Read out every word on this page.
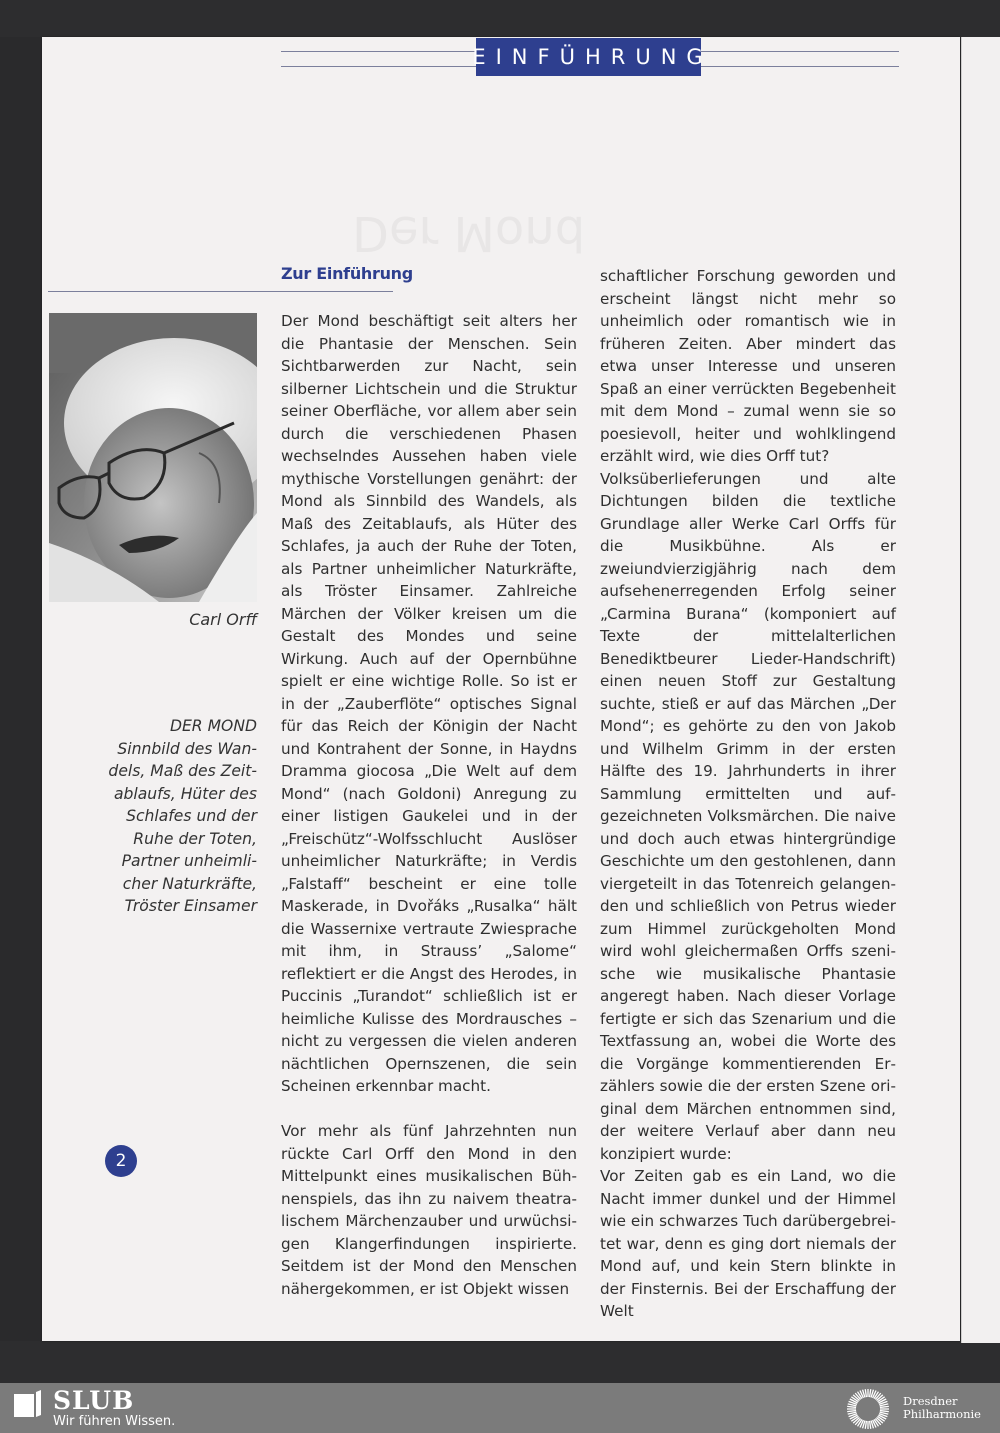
EINFÜHRUNG
Der Mond
Zur Einführung
Carl Orff
DER MOND
Sinnbild des Wan-
dels, Maß des Zeit-
ablaufs, Hüter des
Schlafes und der
Ruhe der Toten,
Partner unheimli-
cher Naturkräfte,
Tröster Einsamer

Der Mond beschäftigt seit alters her die Phantasie der Menschen. Sein Sichtbarwerden zur Nacht, sein silberner Lichtschein und die Struktur seiner Oberfläche, vor allem aber sein durch die verschiedenen Phasen wechselndes Aussehen haben viele mythische Vorstellungen genährt: der Mond als Sinnbild des Wandels, als Maß des Zeitablaufs, als Hüter des Schlafes, ja auch der Ruhe der Toten, als Partner unheimlicher Naturkräfte, als Tröster Einsamer. Zahlreiche Märchen der Völker kreisen um die Gestalt des Mondes und seine Wirkung. Auch auf der Opernbühne spielt er eine wichtige Rolle. So ist er in der „Zauberflöte“ optisches Signal für das Reich der Königin der Nacht und Kontrahent der Sonne, in Haydns Dramma giocosa „Die Welt auf dem Mond“ (nach Goldoni) Anregung zu einer listigen Gaukelei und in der „Freischütz“-Wolfsschlucht Auslöser unheimlicher Naturkräfte; in Verdis „Falstaff“ bescheint er eine tolle Maskerade, in Dvořáks „Rusalka“ hält die Wassernixe vertraute Zwiesprache mit ihm, in Strauss’ „Salome“ reflektiert er die Angst des Herodes, in Puccinis „Turandot“ schließlich ist er heimliche Kulisse des Mordrausches – nicht zu vergessen die vielen anderen nächtlichen Opernszenen, die sein Scheinen erkennbar macht.

Vor mehr als fünf Jahrzehnten nun rückte Carl Orff den Mond in den Mittelpunkt eines musikalischen Bühnenspiels, das ihn zu naivem theatralischem Märchenzauber und urwüchsigen Klangerfindungen inspirierte. Seitdem ist der Mond den Menschen nähergekommen, er ist Objekt wissen

schaftlicher Forschung geworden und erscheint längst nicht mehr so unheimlich oder romantisch wie in früheren Zeiten. Aber mindert das etwa unser Interesse und unseren Spaß an einer verrückten Begebenheit mit dem Mond – zumal wenn sie so poesievoll, heiter und wohlklingend erzählt wird, wie dies Orff tut?

Volksüberlieferungen und alte Dichtungen bilden die textliche Grundlage aller Werke Carl Orffs für die Musikbühne. Als er zweiundvierzigjährig nach dem aufsehenerregenden Erfolg seiner „Carmina Burana“ (komponiert auf Texte der mittelalterlichen Benediktbeurer Lieder-Handschrift) einen neuen Stoff zur Gestaltung suchte, stieß er auf das Märchen „Der Mond“; es gehörte zu den von Jakob und Wilhelm Grimm in der ersten Hälfte des 19. Jahrhunderts in ihrer Sammlung ermittelten und aufgezeichneten Volksmärchen. Die naive und doch auch etwas hintergründige Geschichte um den gestohlenen, dann viergeteilt in das Totenreich gelangenden und schließlich von Petrus wieder zum Himmel zurückgeholten Mond wird wohl gleichermaßen Orffs szenische wie musikalische Phantasie angeregt haben. Nach dieser Vorlage fertigte er sich das Szenarium und die Textfassung an, wobei die Worte des die Vorgänge kommentierenden Erzählers sowie die der ersten Szene original dem Märchen entnommen sind, der weitere Verlauf aber dann neu konzipiert wurde:

Vor Zeiten gab es ein Land, wo die Nacht immer dunkel und der Himmel wie ein schwarzes Tuch darübergebreitet war, denn es ging dort niemals der Mond auf, und kein Stern blinkte in der Finsternis. Bei der Erschaffung der Welt

2
SLUB
Wir führen Wissen.
Dresdner
Philharmonie
